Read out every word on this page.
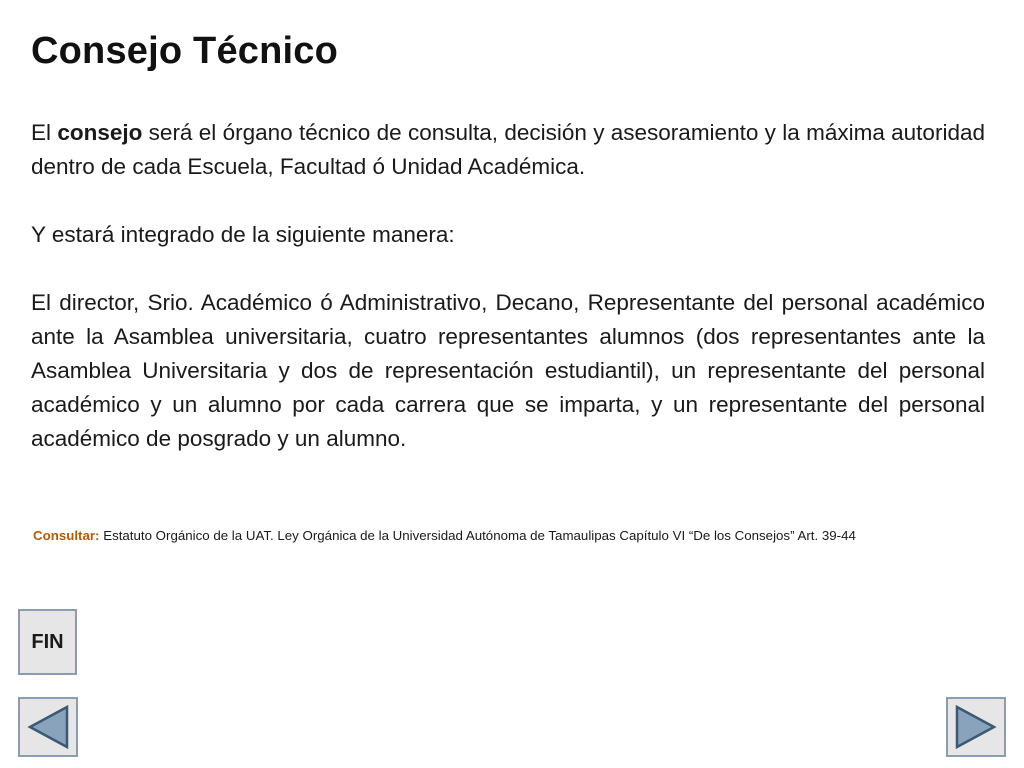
Consejo Técnico

El consejo será el órgano técnico de consulta, decisión y asesoramiento y la máxima autoridad dentro de cada Escuela, Facultad ó Unidad Académica.

Y estará integrado de la siguiente manera:

El director, Srio. Académico ó Administrativo, Decano, Representante del personal académico ante la Asamblea universitaria, cuatro representantes alumnos (dos representantes ante la Asamblea Universitaria y dos de representación estudiantil), un representante del personal académico y un alumno por cada carrera que se imparta, y un representante del personal académico de posgrado y un alumno.

Consultar: Estatuto Orgánico de la UAT. Ley Orgánica de la Universidad Autónoma de Tamaulipas Capítulo VI “De los Consejos” Art. 39-44
FIN
